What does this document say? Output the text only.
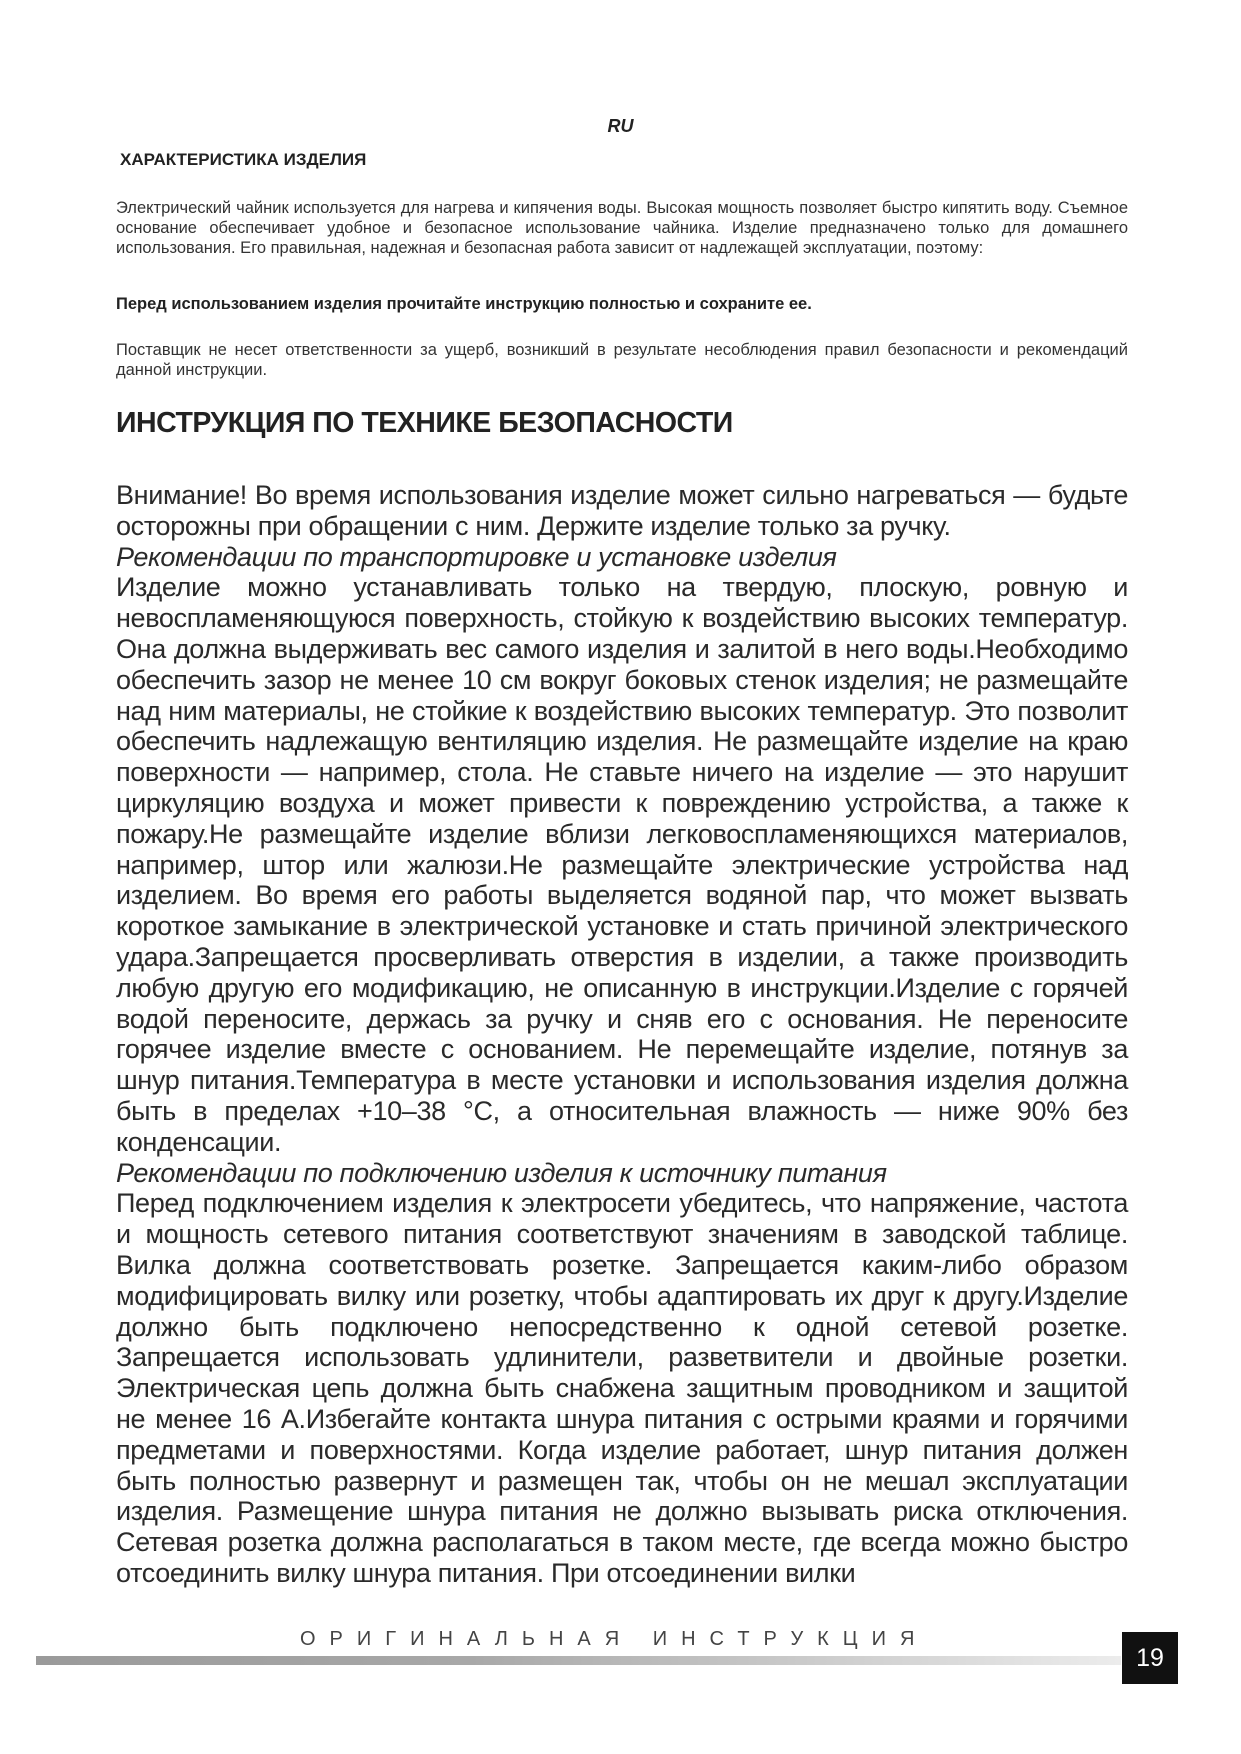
RU

ХАРАКТЕРИСТИКА ИЗДЕЛИЯ

Электрический чайник используется для нагрева и кипячения воды. Высокая мощность позволяет быстро кипятить воду. Съемное основание обеспечивает удобное и безопасное использование чайника. Изделие предназначено только для домашнего использования. Его правильная, надежная и безопасная работа зависит от надлежащей эксплуатации, поэтому:

Перед использованием изделия прочитайте инструкцию полностью и сохраните ее.

Поставщик не несет ответственности за ущерб, возникший в результате несоблюдения правил безопасности и рекомендаций данной инструкции.

ИНСТРУКЦИЯ ПО ТЕХНИКЕ БЕЗОПАСНОСТИ

Внимание! Во время использования изделие может сильно нагреваться — будьте осторожны при обращении с ним. Держите изделие только за ручку.

Рекомендации по транспортировке и установке изделия

Изделие можно устанавливать только на твердую, плоскую, ровную и невоспламеняющуюся поверхность, стойкую к воздействию высоких температур. Она должна выдерживать вес самого изделия и залитой в него воды.Необходимо обеспечить зазор не менее 10 см вокруг боковых стенок изделия; не размещайте над ним материалы, не стойкие к воздействию высоких температур. Это позволит обеспечить надлежащую вентиляцию изделия. Не размещайте изделие на краю поверхности — например, стола. Не ставьте ничего на изделие — это нарушит циркуляцию воздуха и может привести к повреждению устройства, а также к пожару.Не размещайте изделие вблизи легковоспламеняющихся материалов, например, штор или жалюзи.Не размещайте электрические устройства над изделием. Во время его работы выделяется водяной пар, что может вызвать короткое замыкание в электрической установке и стать причиной электрического удара.Запрещается просверливать отверстия в изделии, а также производить любую другую его модификацию, не описанную в инструкции.Изделие с горячей водой переносите, держась за ручку и сняв его с основания. Не переносите горячее изделие вместе с основанием. Не перемещайте изделие, потянув за шнур питания.Температура в месте установки и использования изделия должна быть в пределах +10–38 °C, а относительная влажность — ниже 90% без конденсации.

Рекомендации по подключению изделия к источнику питания

Перед подключением изделия к электросети убедитесь, что напряжение, частота и мощность сетевого питания соответствуют значениям в заводской таблице. Вилка должна соответствовать розетке. Запрещается каким-либо образом модифицировать вилку или розетку, чтобы адаптировать их друг к другу.Изделие должно быть подключено непосредственно к одной сетевой розетке. Запрещается использовать удлинители, разветвители и двойные розетки. Электрическая цепь должна быть снабжена защитным проводником и защитой не менее 16 А.Избегайте контакта шнура питания с острыми краями и горячими предметами и поверхностями. Когда изделие работает, шнур питания должен быть полностью развернут и размещен так, чтобы он не мешал эксплуатации изделия. Размещение шнура питания не должно вызывать риска отключения. Сетевая розетка должна располагаться в таком месте, где всегда можно быстро отсоединить вилку шнура питания. При отсоединении вилки

ОРИГИНАЛЬНАЯ ИНСТРУКЦИЯ

19
